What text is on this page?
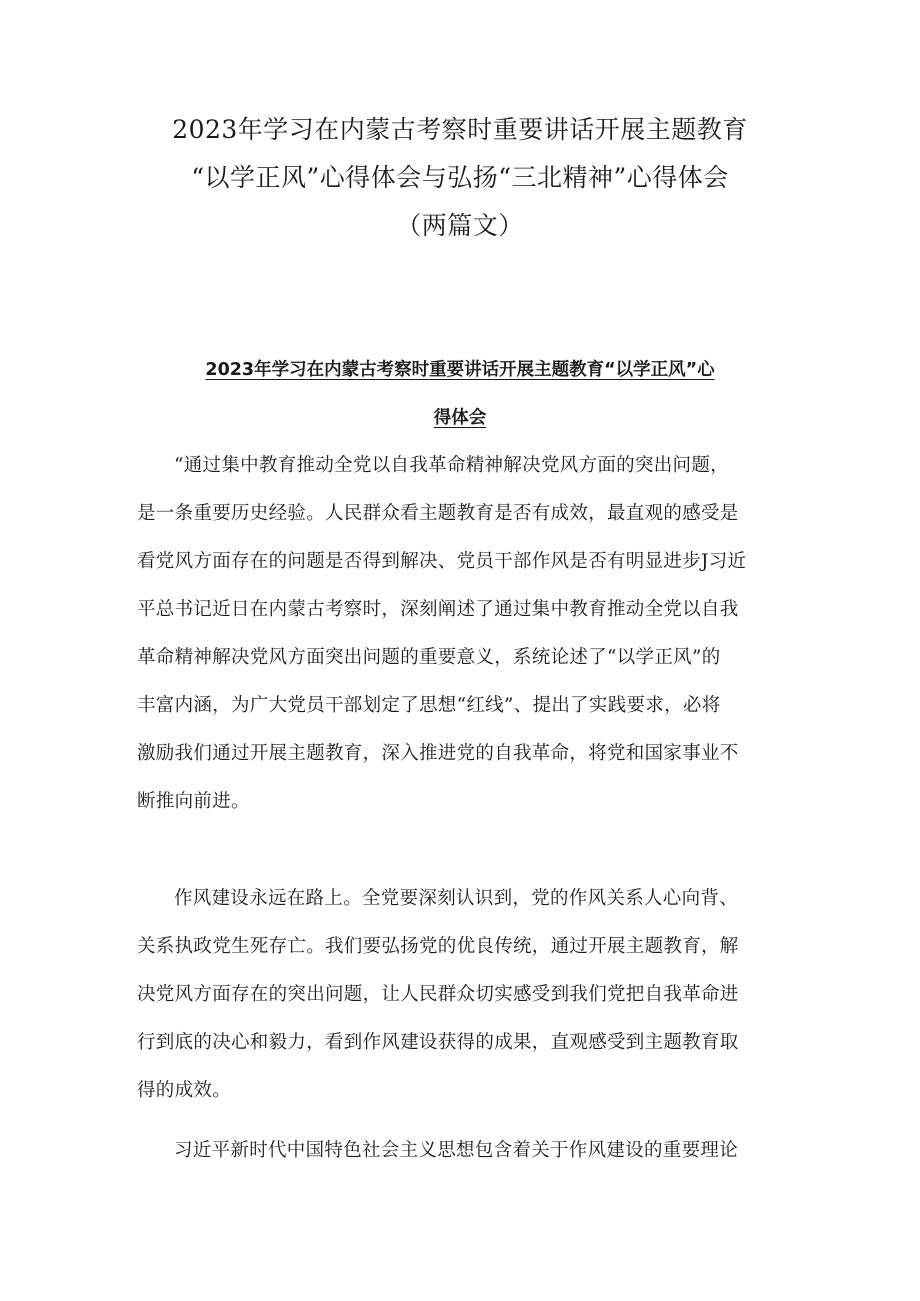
2023年学习在内蒙古考察时重要讲话开展主题教育
“以学正风”心得体会与弘扬“三北精神”心得体会
（两篇文）
2023年学习在内蒙古考察时重要讲话开展主题教育“以学正风”心
得体会
“通过集中教育推动全党以自我革命精神解决党风方面的突出问题，
是一条重要历史经验。人民群众看主题教育是否有成效，最直观的感受是
看党风方面存在的问题是否得到解决、党员干部作风是否有明显进步J习近
平总书记近日在内蒙古考察时，深刻阐述了通过集中教育推动全党以自我
革命精神解决党风方面突出问题的重要意义，系统论述了“以学正风”的
丰富内涵，为广大党员干部划定了思想“红线”、提出了实践要求，必将
激励我们通过开展主题教育，深入推进党的自我革命，将党和国家事业不
断推向前进。
作风建设永远在路上。全党要深刻认识到，党的作风关系人心向背、
关系执政党生死存亡。我们要弘扬党的优良传统，通过开展主题教育，解
决党风方面存在的突出问题，让人民群众切实感受到我们党把自我革命进
行到底的决心和毅力，看到作风建设获得的成果，直观感受到主题教育取
得的成效。
习近平新时代中国特色社会主义思想包含着关于作风建设的重要理论
